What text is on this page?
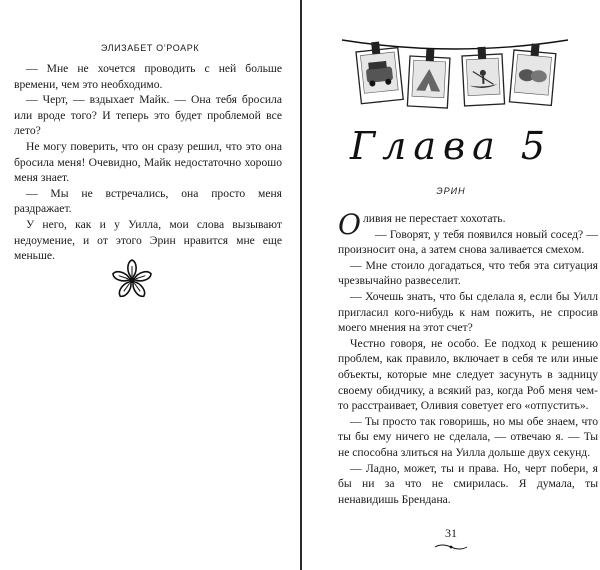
ЭЛИЗАБЕТ О’РОАРК

— Мне не хочется проводить с ней больше времени, чем это необходимо.

— Черт, — вздыхает Майк. — Она тебя бросила или вроде того? И теперь это будет проблемой все лето?

Не могу поверить, что он сразу решил, что это она бросила меня! Очевидно, Майк недостаточно хорошо меня знает.

— Мы не встречались, она просто меня раздражает.

У него, как и у Уилла, мои слова вызывают недоумение, и от этого Эрин нравится мне еще меньше.

Глава 5
ЭРИН

Оливия не перестает хохотать.

— Говорят, у тебя появился новый сосед? — произносит она, а затем снова заливается смехом.

— Мне стоило догадаться, что тебя эта ситуация чрезвычайно развеселит.

— Хочешь знать, что бы сделала я, если бы Уилл пригласил кого-нибудь к нам пожить, не спросив моего мнения на этот счет?

Честно говоря, не особо. Ее подход к решению проблем, как правило, включает в себя те или иные объекты, которые мне следует засунуть в задницу своему обидчику, а всякий раз, когда Роб меня чем-то расстраивает, Оливия советует его «отпустить».

— Ты просто так говоришь, но мы обе знаем, что ты бы ему ничего не сделала, — отвечаю я. — Ты не способна злиться на Уилла дольше двух секунд.

— Ладно, может, ты и права. Но, черт побери, я бы ни за что не смирилась. Я думала, ты ненавидишь Брендана.

31
